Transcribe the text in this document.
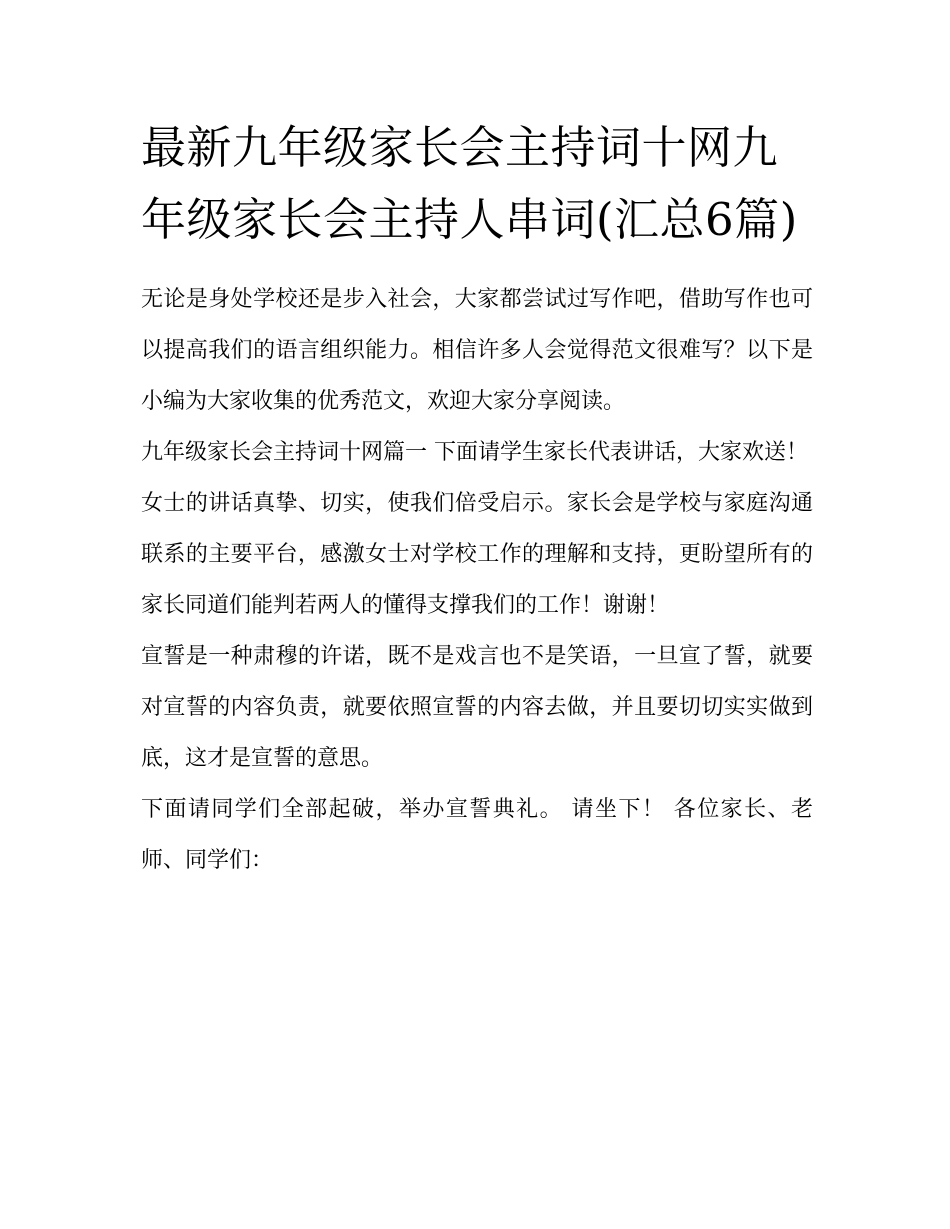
最新九年级家长会主持词十网九年级家长会主持人串词(汇总6篇)

无论是身处学校还是步入社会，大家都尝试过写作吧，借助写作也可以提高我们的语言组织能力。相信许多人会觉得范文很难写？以下是小编为大家收集的优秀范文，欢迎大家分享阅读。

九年级家长会主持词十网篇一 下面请学生家长代表讲话，大家欢送！

女士的讲话真挚、切实，使我们倍受启示。家长会是学校与家庭沟通联系的主要平台，感激女士对学校工作的理解和支持，更盼望所有的家长同道们能判若两人的懂得支撑我们的工作！谢谢！

宣誓是一种肃穆的许诺，既不是戏言也不是笑语，一旦宣了誓，就要对宣誓的内容负责，就要依照宣誓的内容去做，并且要切切实实做到底，这才是宣誓的意思。

下面请同学们全部起破，举办宣誓典礼。 请坐下！ 各位家长、老师、同学们：
